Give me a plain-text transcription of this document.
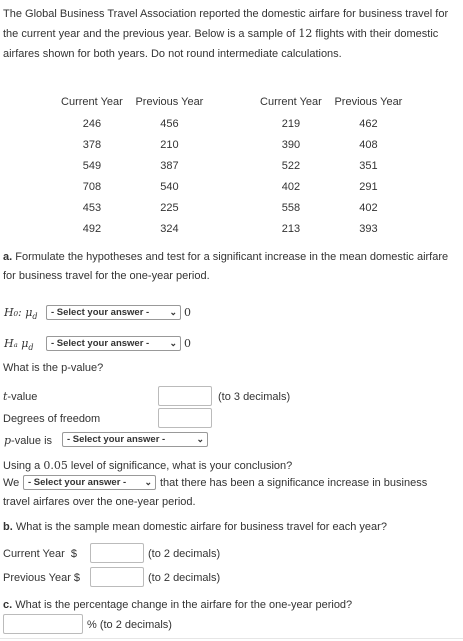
The Global Business Travel Association reported the domestic airfare for business travel for the current year and the previous year. Below is a sample of 12 flights with their domestic airfares shown for both years. Do not round intermediate calculations.

Current Year	Previous Year
246	456
378	210
549	387
708	540
453	225
492	324
Current Year	Previous Year
219	462
390	408
522	351
402	291
558	402
213	393
a. Formulate the hypotheses and test for a significant increase in the mean domestic airfare for business travel for the one-year period.
H₀: $\mu_d$	- Select your answer - ⌄ 0
Hₐ $\mu_d$	- Select your answer - ⌄ 0
What is the p-value?
t-value	(to 3 decimals)
Degrees of freedom
p-value is	- Select your answer -	⌄
Using a 0.05 level of significance, what is your conclusion?
We - Select your answer - ⌄ that there has been a significance increase in business
travel airfares over the one-year period.
b. What is the sample mean domestic airfare for business travel for each year?
Current Year  $	(to 2 decimals)
Previous Year $	(to 2 decimals)
c. What is the percentage change in the airfare for the one-year period?
% (to 2 decimals)
